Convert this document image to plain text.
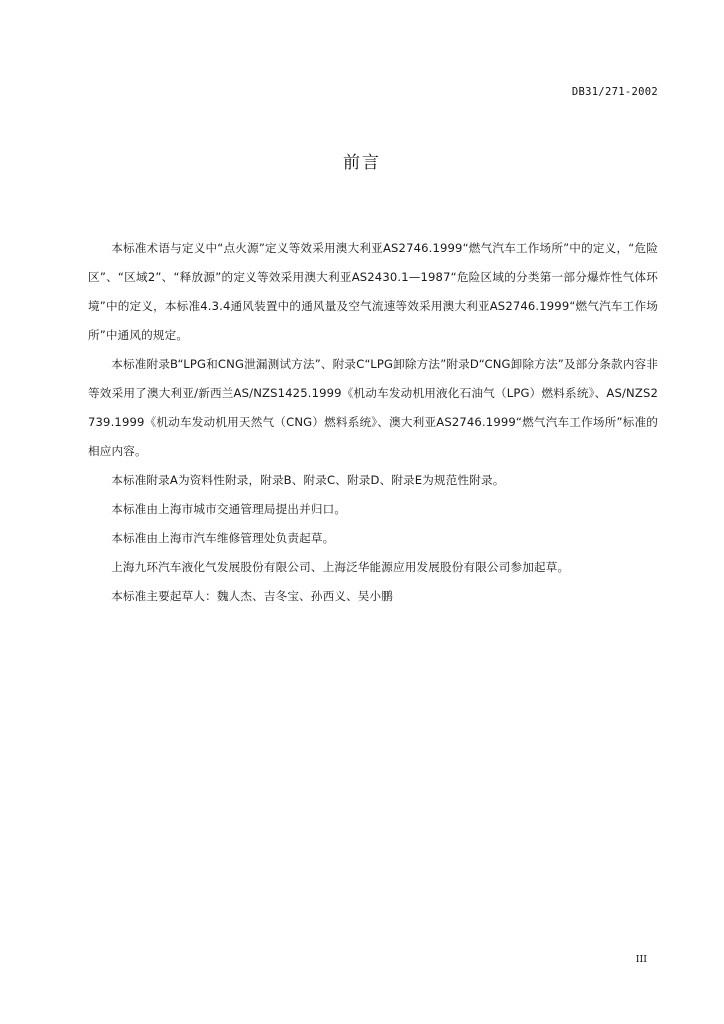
DB31/271-2002
前言

本标准术语与定义中“点火源”定义等效采用澳大利亚AS2746.1999“燃气汽车工作场所”中的定义，“危险区”、“区域2”、“释放源”的定义等效采用澳大利亚AS2430.1—1987“危险区域的分类第一部分爆炸性气体环境”中的定义，本标准4.3.4通风装置中的通风量及空气流速等效采用澳大利亚AS2746.1999“燃气汽车工作场所”中通风的规定。

本标准附录B“LPG和CNG泄漏测试方法”、附录C“LPG卸除方法”附录D“CNG卸除方法”及部分条款内容非等效采用了澳大利亚/新西兰AS/NZS1425.1999《机动车发动机用液化石油气（LPG）燃料系统》、AS/NZS2739.1999《机动车发动机用天然气（CNG）燃料系统》、澳大利亚AS2746.1999“燃气汽车工作场所”标准的相应内容。

本标准附录A为资料性附录，附录B、附录C、附录D、附录E为规范性附录。

本标准由上海市城市交通管理局提出并归口。

本标准由上海市汽车维修管理处负责起草。

上海九环汽车液化气发展股份有限公司、上海泛华能源应用发展股份有限公司参加起草。

本标准主要起草人：魏人杰、吉冬宝、孙西义、吴小鹏

III
